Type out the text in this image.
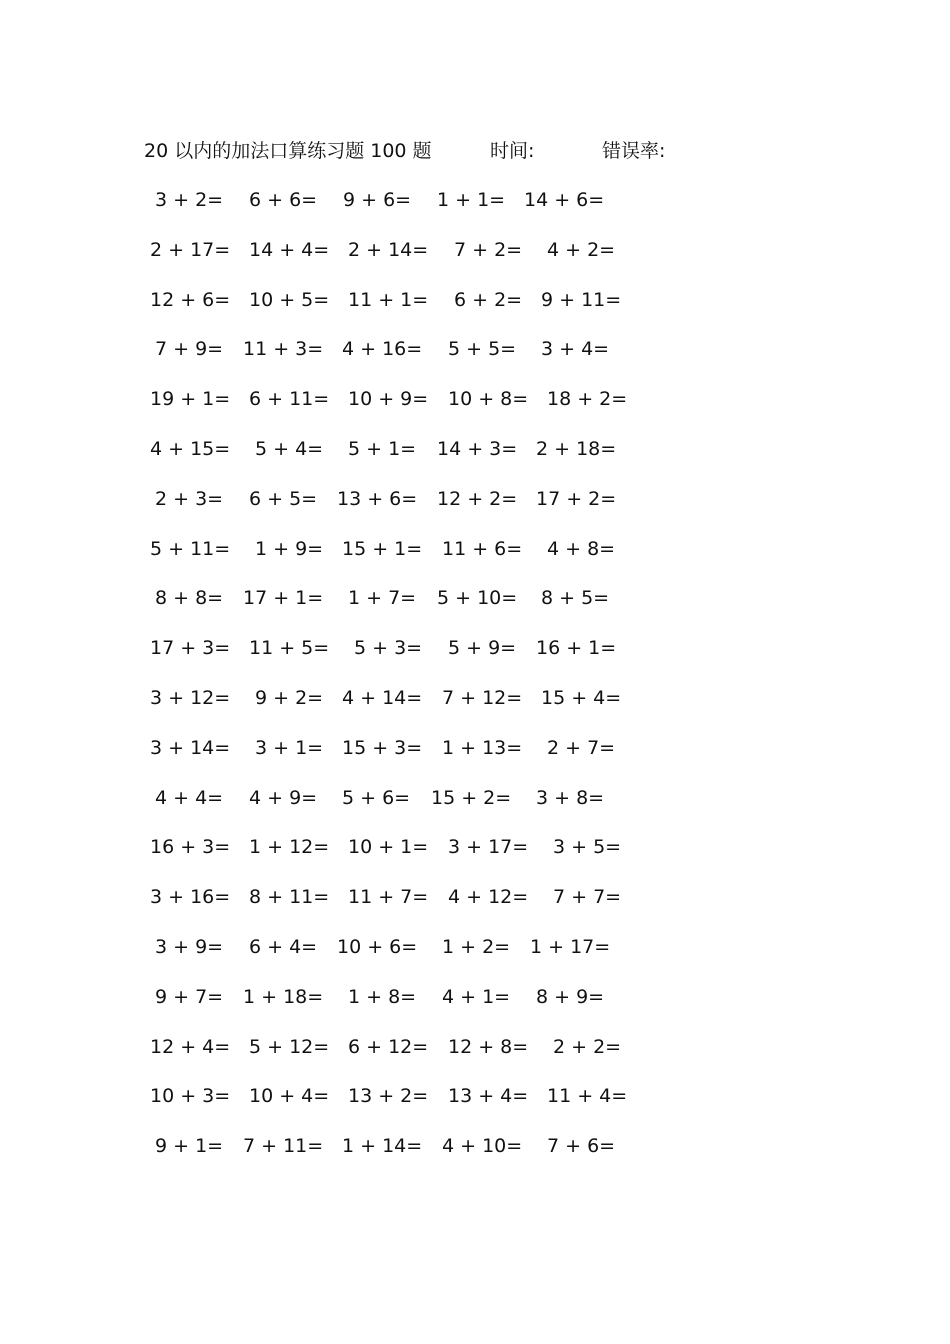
20 以内的加法口算练习题 100 题	时间:	错误率:
3 + 2= 6 + 6= 9 + 6= 1 + 1= 14 + 6=
2 + 17= 14 + 4= 2 + 14= 7 + 2= 4 + 2=
12 + 6= 10 + 5= 11 + 1= 6 + 2= 9 + 11=
7 + 9= 11 + 3= 4 + 16= 5 + 5= 3 + 4=
19 + 1= 6 + 11= 10 + 9= 10 + 8= 18 + 2=
4 + 15= 5 + 4= 5 + 1= 14 + 3= 2 + 18=
2 + 3= 6 + 5= 13 + 6= 12 + 2= 17 + 2=
5 + 11= 1 + 9= 15 + 1= 11 + 6= 4 + 8=
8 + 8= 17 + 1= 1 + 7= 5 + 10= 8 + 5=
17 + 3= 11 + 5= 5 + 3= 5 + 9= 16 + 1=
3 + 12= 9 + 2= 4 + 14= 7 + 12= 15 + 4=
3 + 14= 3 + 1= 15 + 3= 1 + 13= 2 + 7=
4 + 4= 4 + 9= 5 + 6= 15 + 2= 3 + 8=
16 + 3= 1 + 12= 10 + 1= 3 + 17= 3 + 5=
3 + 16= 8 + 11= 11 + 7= 4 + 12= 7 + 7=
3 + 9= 6 + 4= 10 + 6= 1 + 2= 1 + 17=
9 + 7= 1 + 18= 1 + 8= 4 + 1= 8 + 9=
12 + 4= 5 + 12= 6 + 12= 12 + 8= 2 + 2=
10 + 3= 10 + 4= 13 + 2= 13 + 4= 11 + 4=
9 + 1= 7 + 11= 1 + 14= 4 + 10= 7 + 6=
